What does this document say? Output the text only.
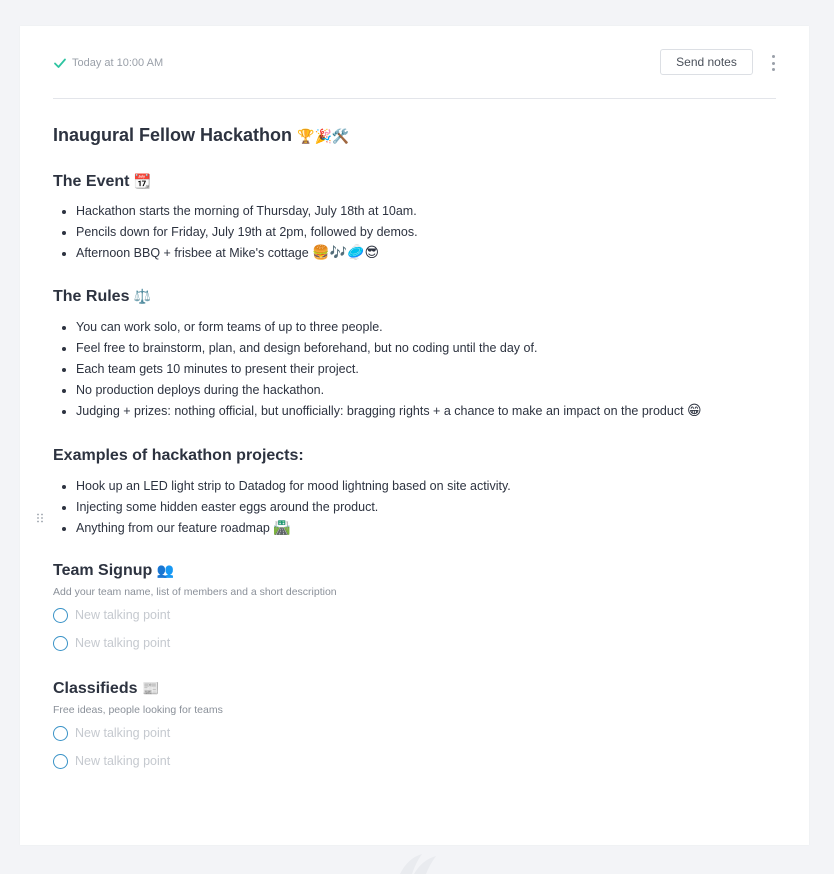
Today at 10:00 AM	Send notes
Inaugural Fellow Hackathon 🏆🎉🛠️
The Event 📆
• Hackathon starts the morning of Thursday, July 18th at 10am.
• Pencils down for Friday, July 19th at 2pm, followed by demos.
• Afternoon BBQ + frisbee at Mike's cottage 🍔🎶🥏😎
The Rules ⚖️
• You can work solo, or form teams of up to three people.
• Feel free to brainstorm, plan, and design beforehand, but no coding until the day of.
• Each team gets 10 minutes to present their project.
• No production deploys during the hackathon.
• Judging + prizes: nothing official, but unofficially: bragging rights + a chance to make an impact on the product 😁
Examples of hackathon projects:
• Hook up an LED light strip to Datadog for mood lightning based on site activity.
• Injecting some hidden easter eggs around the product.
• Anything from our feature roadmap 🛣️
Team Signup 👥
Add your team name, list of members and a short description
New talking point
New talking point
Classifieds 📰
Free ideas, people looking for teams
New talking point
New talking point
